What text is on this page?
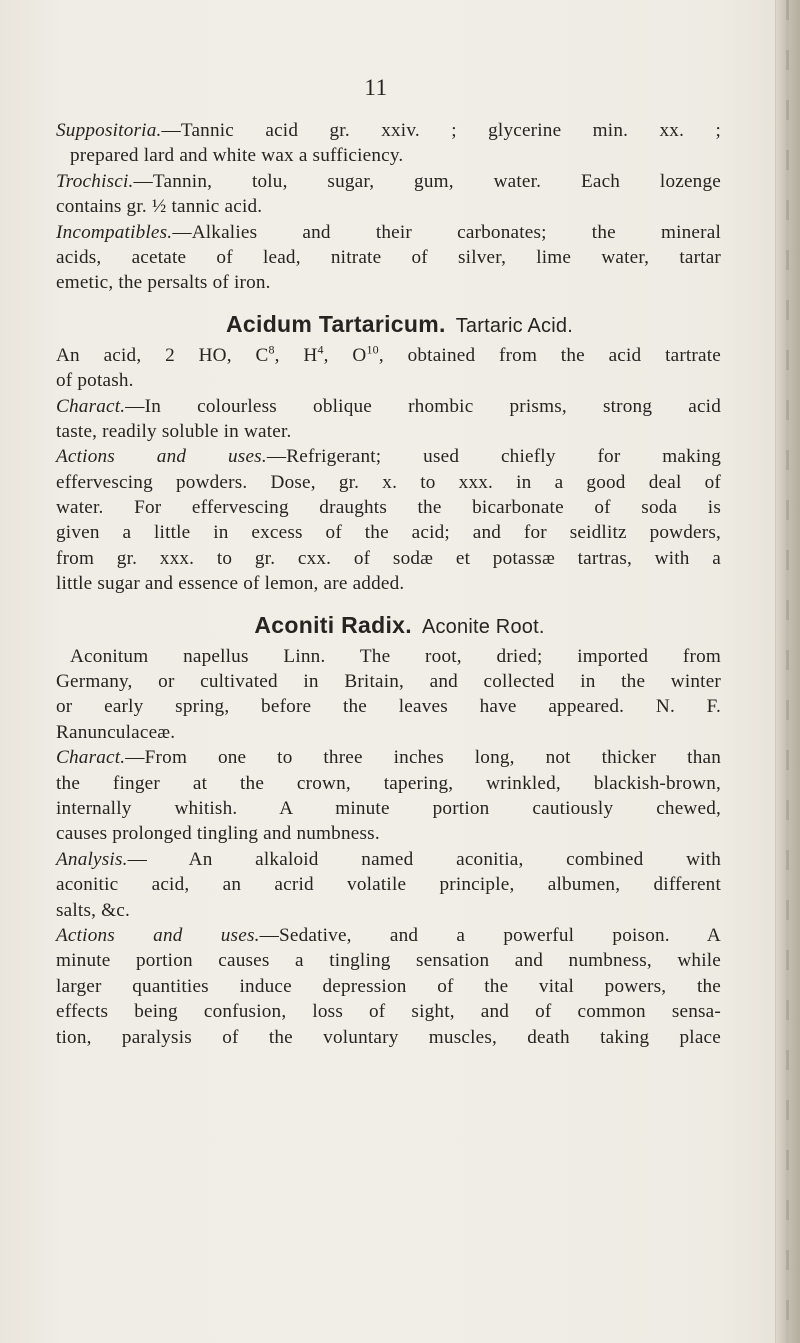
11
Suppositoria.—Tannic acid gr. xxiv. ; glycerine min. xx. ;
prepared lard and white wax a sufficiency.
Trochisci.—Tannin, tolu, sugar, gum, water. Each lozenge
contains gr. ½ tannic acid.
Incompatibles.—Alkalies and their carbonates; the mineral
acids, acetate of lead, nitrate of silver, lime water, tartar
emetic, the persalts of iron.
Acidum Tartaricum. Tartaric Acid.
An acid, 2 HO, $C^8$, $H^4$, $O^{10}$, obtained from the acid tartrate
of potash.
Charact.—In colourless oblique rhombic prisms, strong acid
taste, readily soluble in water.
Actions and uses.—Refrigerant; used chiefly for making
effervescing powders. Dose, gr. x. to xxx. in a good deal of
water. For effervescing draughts the bicarbonate of soda is
given a little in excess of the acid; and for seidlitz powders,
from gr. xxx. to gr. cxx. of sodæ et potassæ tartras, with a
little sugar and essence of lemon, are added.
Aconiti Radix. Aconite Root.
Aconitum napellus Linn. The root, dried; imported from
Germany, or cultivated in Britain, and collected in the winter
or early spring, before the leaves have appeared. N. F.
Ranunculaceæ.
Charact.—From one to three inches long, not thicker than
the finger at the crown, tapering, wrinkled, blackish-brown,
internally whitish. A minute portion cautiously chewed,
causes prolonged tingling and numbness.
Analysis.— An alkaloid named aconitia, combined with
aconitic acid, an acrid volatile principle, albumen, different
salts, &c.
Actions and uses.—Sedative, and a powerful poison. A
minute portion causes a tingling sensation and numbness, while
larger quantities induce depression of the vital powers, the
effects being confusion, loss of sight, and of common sensa-
tion, paralysis of the voluntary muscles, death taking place
